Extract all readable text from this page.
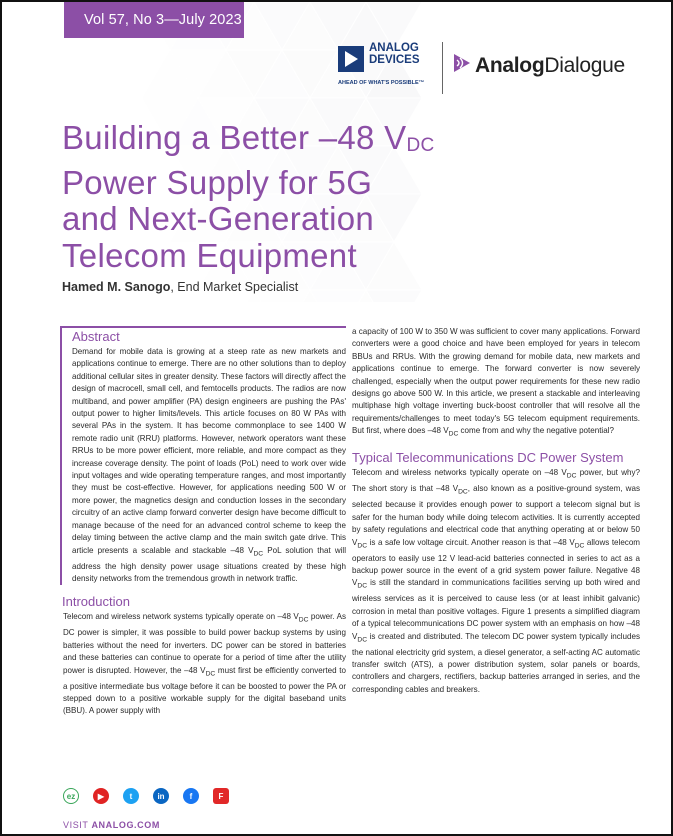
Vol 57, No 3—July 2023
ANALOG
DEVICES
AHEAD OF WHAT'S POSSIBLE™
AnalogDialogue
Building a Better –48 $V_{DC}$
Power Supply for 5G
and Next-Generation
Telecom Equipment
Hamed M. Sanogo, End Market Specialist
Abstract

Demand for mobile data is growing at a steep rate as new markets and applications continue to emerge. There are no other solutions than to deploy additional cellular sites in greater density. These factors will directly affect the design of macrocell, small cell, and femtocells products. The radios are now multiband, and power amplifier (PA) design engineers are pushing the PAs' output power to higher limits/levels. This article focuses on 80 W PAs with several PAs in the system. It has become commonplace to see 1400 W remote radio unit (RRU) platforms. However, network operators want these RRUs to be more power efficient, more reliable, and more compact as they increase coverage density. The point of loads (PoL) need to work over wide input voltages and wide operating temperature ranges, and most importantly they must be cost-effective. However, for applications needing 500 W or more power, the magnetics design and conduction losses in the secondary circuitry of an active clamp forward converter design have become difficult to manage because of the need for an advanced control scheme to keep the delay timing between the active clamp and the main switch gate drive. This article presents a scalable and stackable –48 $V_{DC}$ PoL solution that will address the high density power usage situations created by these high density networks from the tremendous growth in network traffic.

Introduction

Telecom and wireless network systems typically operate on –48 $V_{DC}$ power. As DC power is simpler, it was possible to build power backup systems by using batteries without the need for inverters. DC power can be stored in batteries and these batteries can continue to operate for a period of time after the utility power is disrupted. However, the –48 $V_{DC}$ must first be efficiently converted to a positive intermediate bus voltage before it can be boosted to power the PA or stepped down to a positive workable supply for the digital baseband units (BBU). A power supply with

a capacity of 100 W to 350 W was sufficient to cover many applications. Forward converters were a good choice and have been employed for years in telecom BBUs and RRUs. With the growing demand for mobile data, new markets and applications continue to emerge. The forward converter is now severely challenged, especially when the output power requirements for these new radio designs go above 500 W. In this article, we present a stackable and interleaving multiphase high voltage inverting buck-boost controller that will resolve all the requirements/challenges to meet today's 5G telecom equipment requirements. But first, where does –48 $V_{DC}$ come from and why the negative potential?

Typical Telecommunications DC Power System

Telecom and wireless networks typically operate on –48 $V_{DC}$ power, but why? The short story is that –48 $V_{DC}$, also known as a positive-ground system, was selected because it provides enough power to support a telecom signal but is safer for the human body while doing telecom activities. It is currently accepted by safety regulations and electrical code that anything operating at or below 50 $V_{DC}$ is a safe low voltage circuit. Another reason is that –48 $V_{DC}$ allows telecom operators to easily use 12 V lead-acid batteries connected in series to act as a backup power source in the event of a grid system power failure. Negative 48 $V_{DC}$ is still the standard in communications facilities serving up both wired and wireless services as it is perceived to cause less (or at least inhibit galvanic) corrosion in metal than positive voltages. Figure 1 presents a simplified diagram of a typical telecommunications DC power system with an emphasis on how –48 $V_{DC}$ is created and distributed. The telecom DC power system typically includes the national electricity grid system, a diesel generator, a self-acting AC automatic transfer switch (ATS), a power distribution system, solar panels or boards, controllers and chargers, rectifiers, backup batteries arranged in series, and the corresponding cables and breakers.

ez	▶	t	in	f	F
VISIT ANALOG.COM
